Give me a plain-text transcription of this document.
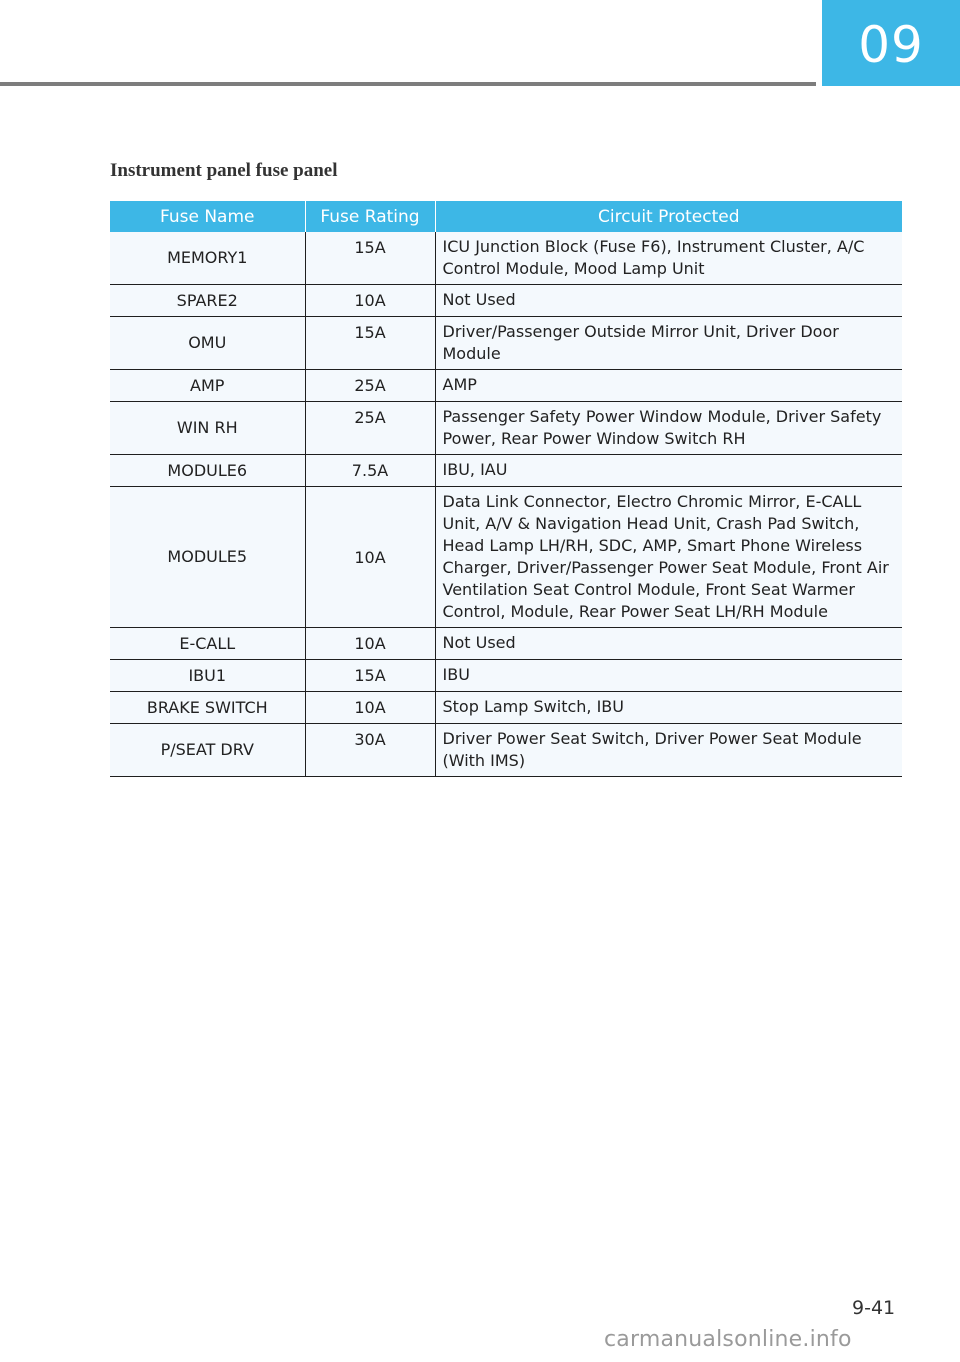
09
Instrument panel fuse panel
Fuse Name	Fuse Rating	Circuit Protected
MEMORY1	15A	ICU Junction Block (Fuse F6), Instrument Cluster, A/C Control Module, Mood Lamp Unit
SPARE2	10A	Not Used
OMU	15A	Driver/Passenger Outside Mirror Unit, Driver Door Module
AMP	25A	AMP
WIN RH	25A	Passenger Safety Power Window Module, Driver Safety Power, Rear Power Window Switch RH
MODULE6	7.5A	IBU, IAU
MODULE5	10A	Data Link Connector, Electro Chromic Mirror, E-CALL Unit, A/V & Navigation Head Unit, Crash Pad Switch, Head Lamp LH/RH, SDC, AMP, Smart Phone Wireless Charger, Driver/Passenger Power Seat Module, Front Air Ventilation Seat Control Module, Front Seat Warmer Control, Module, Rear Power Seat LH/RH Module
E-CALL	10A	Not Used
IBU1	15A	IBU
BRAKE SWITCH	10A	Stop Lamp Switch, IBU
P/SEAT DRV	30A	Driver Power Seat Switch, Driver Power Seat Module (With IMS)
9-41
carmanualsonline.info
